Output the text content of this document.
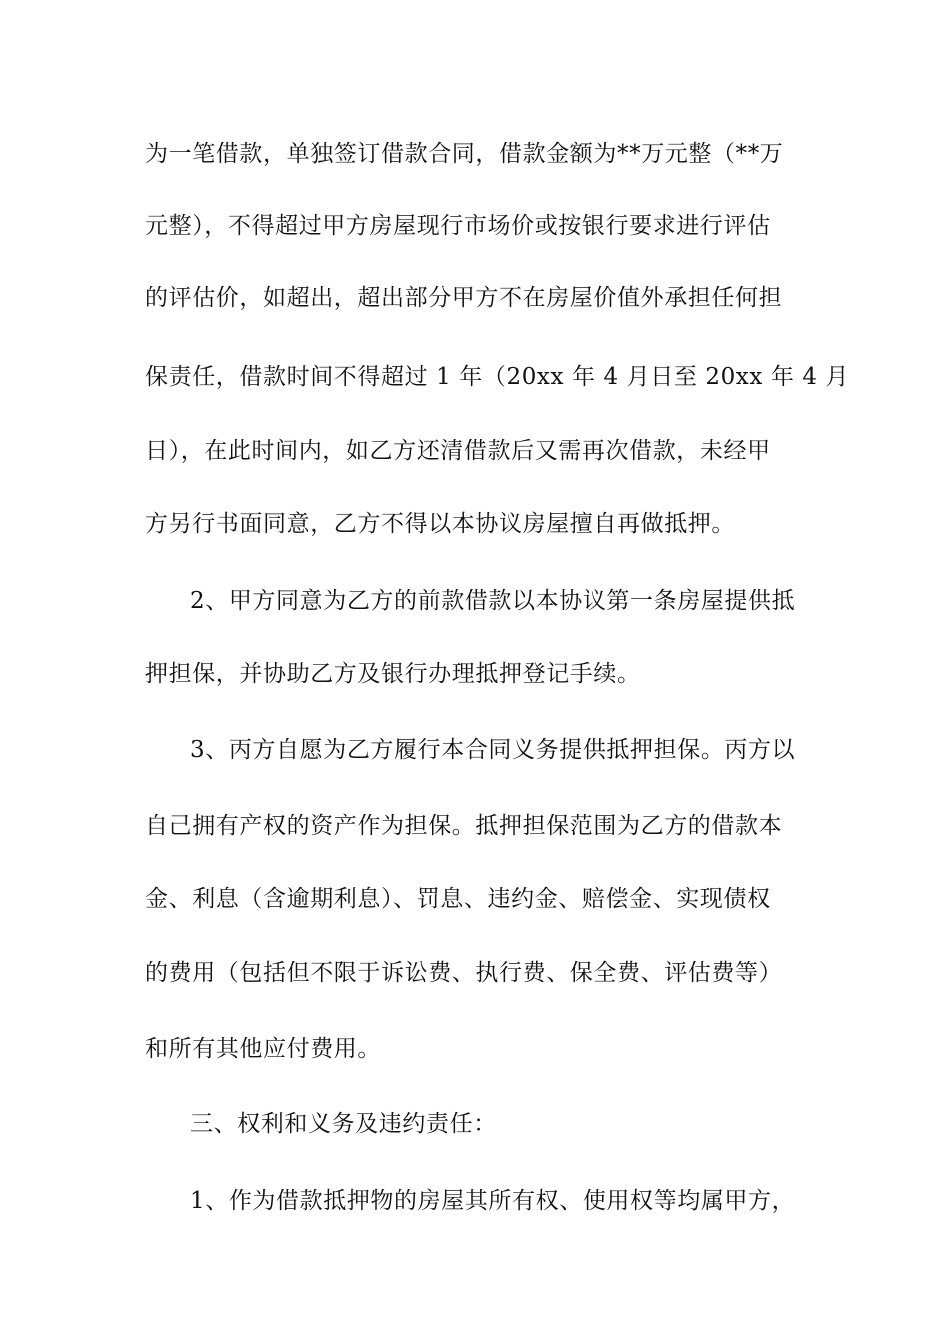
为一笔借款，单独签订借款合同，借款金额为**万元整（**万
元整），不得超过甲方房屋现行市场价或按银行要求进行评估
的评估价，如超出，超出部分甲方不在房屋价值外承担任何担
保责任，借款时间不得超过 1 年（20xx 年 4 月日至 20xx 年 4 月
日），在此时间内，如乙方还清借款后又需再次借款，未经甲
方另行书面同意，乙方不得以本协议房屋擅自再做抵押。
2、甲方同意为乙方的前款借款以本协议第一条房屋提供抵
押担保，并协助乙方及银行办理抵押登记手续。
3、丙方自愿为乙方履行本合同义务提供抵押担保。丙方以
自己拥有产权的资产作为担保。抵押担保范围为乙方的借款本
金、利息（含逾期利息）、罚息、违约金、赔偿金、实现债权
的费用（包括但不限于诉讼费、执行费、保全费、评估费等）
和所有其他应付费用。
三、权利和义务及违约责任：
1、作为借款抵押物的房屋其所有权、使用权等均属甲方，
